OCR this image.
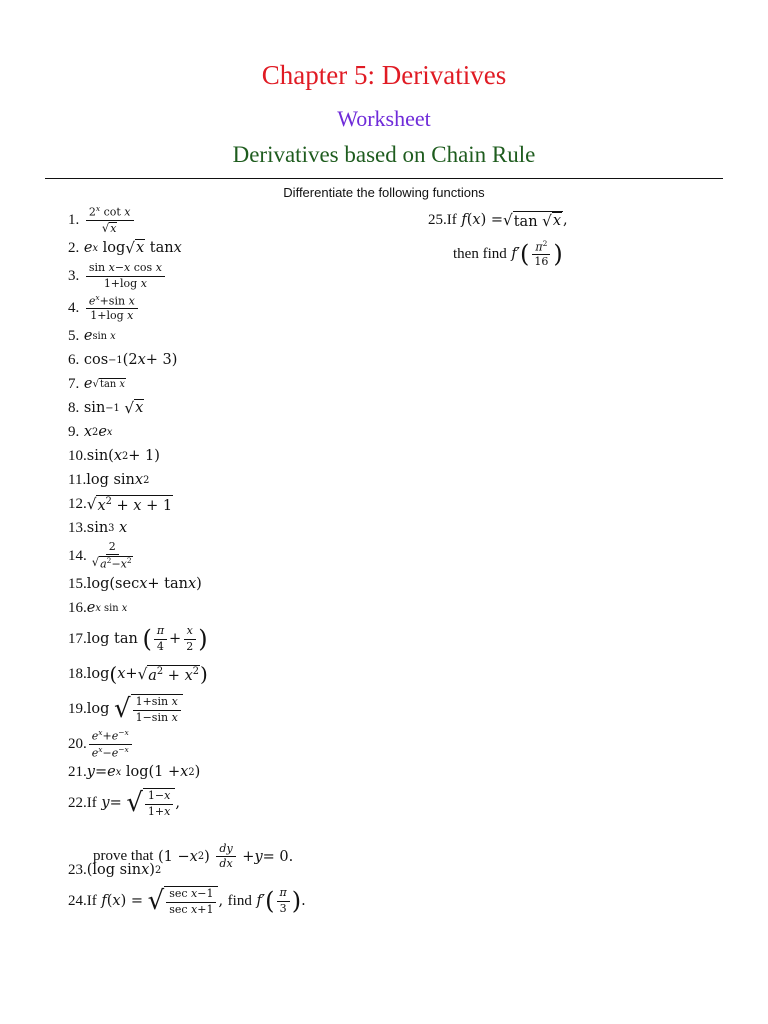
Chapter 5: Derivatives
Worksheet
Derivatives based on Chain Rule
Differentiate the following functions
1.
$\frac{2^x \cot x}{√ x}$
2.
e x log √ x tan x
3.
$\frac{\text{sin x−x cos x}}{\text{1+log x}}$
4.
$\frac{e^x+\sin x}{\text{1+log x}}$
5.
e sin x
6.
cos −1 (2 x + 3)
7.
e √ tan x
8.
sin −1
√ x
9.
x 2 e x
10. sin( x 2 + 1)
11. log sin x 2
12. √ $x^2 + x + 1$
13. sin 3
x
14. $\frac{2}{√ a^2-x^2}$
15. log(sec x + tan x )
16. e x sin x
17. log tan ( $\frac{\pi}{4} + \frac{x}{2}$ )
18. log ( x + √ $a^2 + x^2$ )
19. log √ $\frac{\text{1+sin x}}{\text{1−sin x}}$
20. $\frac{e^x+e^{-x}}{e^x-e^{-x}}$
21. y = e x log(1 + x 2 )
22. If
y = √ $\frac{1-x}{1+x}$ ,
23. (log sin x ) 2
24. If
f ( x ) = √ $\frac{\text{sec x−1}}{\text{sec x+1}}$ , find
f ′ ( $\frac{\pi}{3}$ ) .
prove that
(1 − x 2 ) $\frac{dy}{dx} + y = 0$.
25. If
f ( x ) = √ tan √ x ,
then find
f ′ ( $\frac{\pi^2}{16}$ )
